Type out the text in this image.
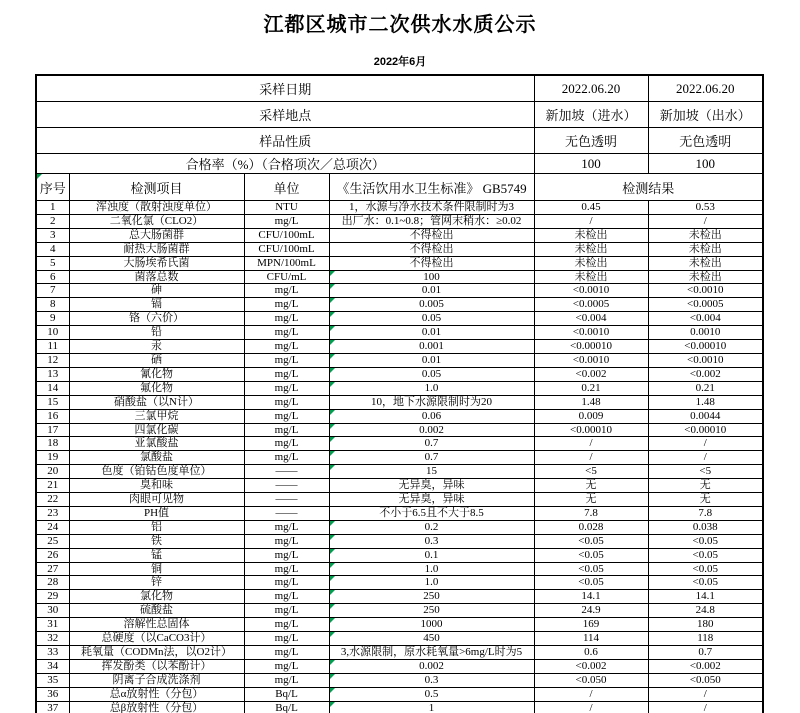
江都区城市二次供水水质公示
2022年6月
采样日期				2022.06.20	2022.06.20
采样地点				新加坡（进水）	新加坡（出水）
样品性质				无色透明	无色透明
合格率（%）（合格项次／总项次）				100	100
序号	检测项目	单位	《生活饮用水卫生标准》 GB5749	检测结果	
1	浑浊度（散射浊度单位）	NTU	1，水源与净水技术条件限制时为3	0.45	0.53
2	二氧化氯（CLO2）	mg/L	出厂水：0.1~0.8；管网末稍水：≥0.02	/	/
3	总大肠菌群	CFU/100mL	不得检出	未检出	未检出
4	耐热大肠菌群	CFU/100mL	不得检出	未检出	未检出
5	大肠埃希氏菌	MPN/100mL	不得检出	未检出	未检出
6	菌落总数	CFU/mL	100	未检出	未检出
7	砷	mg/L	0.01	<0.0010	<0.0010
8	镉	mg/L	0.005	<0.0005	<0.0005
9	铬（六价）	mg/L	0.05	<0.004	<0.004
10	铅	mg/L	0.01	<0.0010	0.0010
11	汞	mg/L	0.001	<0.00010	<0.00010
12	硒	mg/L	0.01	<0.0010	<0.0010
13	氰化物	mg/L	0.05	<0.002	<0.002
14	氟化物	mg/L	1.0	0.21	0.21
15	硝酸盐（以N计）	mg/L	10，地下水源限制时为20	1.48	1.48
16	三氯甲烷	mg/L	0.06	0.009	0.0044
17	四氯化碳	mg/L	0.002	<0.00010	<0.00010
18	亚氯酸盐	mg/L	0.7	/	/
19	氯酸盐	mg/L	0.7	/	/
20	色度（铂钴色度单位）	——	15	<5	<5
21	臭和味	——	无异臭，异味	无	无
22	肉眼可见物	——	无异臭，异味	无	无
23	PH值	——	不小于6.5且不大于8.5	7.8	7.8
24	铝	mg/L	0.2	0.028	0.038
25	铁	mg/L	0.3	<0.05	<0.05
26	锰	mg/L	0.1	<0.05	<0.05
27	铜	mg/L	1.0	<0.05	<0.05
28	锌	mg/L	1.0	<0.05	<0.05
29	氯化物	mg/L	250	14.1	14.1
30	硫酸盐	mg/L	250	24.9	24.8
31	溶解性总固体	mg/L	1000	169	180
32	总硬度（以CaCO3计）	mg/L	450	114	118
33	耗氧量（CODMn法，以O2计）	mg/L	3,水源限制，原水耗氧量>6mg/L时为5	0.6	0.7
34	挥发酚类（以苯酚计）	mg/L	0.002	<0.002	<0.002
35	阴离子合成洗涤剂	mg/L	0.3	<0.050	<0.050
36	总α放射性（分包）	Bq/L	0.5	/	/
37	总β放射性（分包）	Bq/L	1	/	/
